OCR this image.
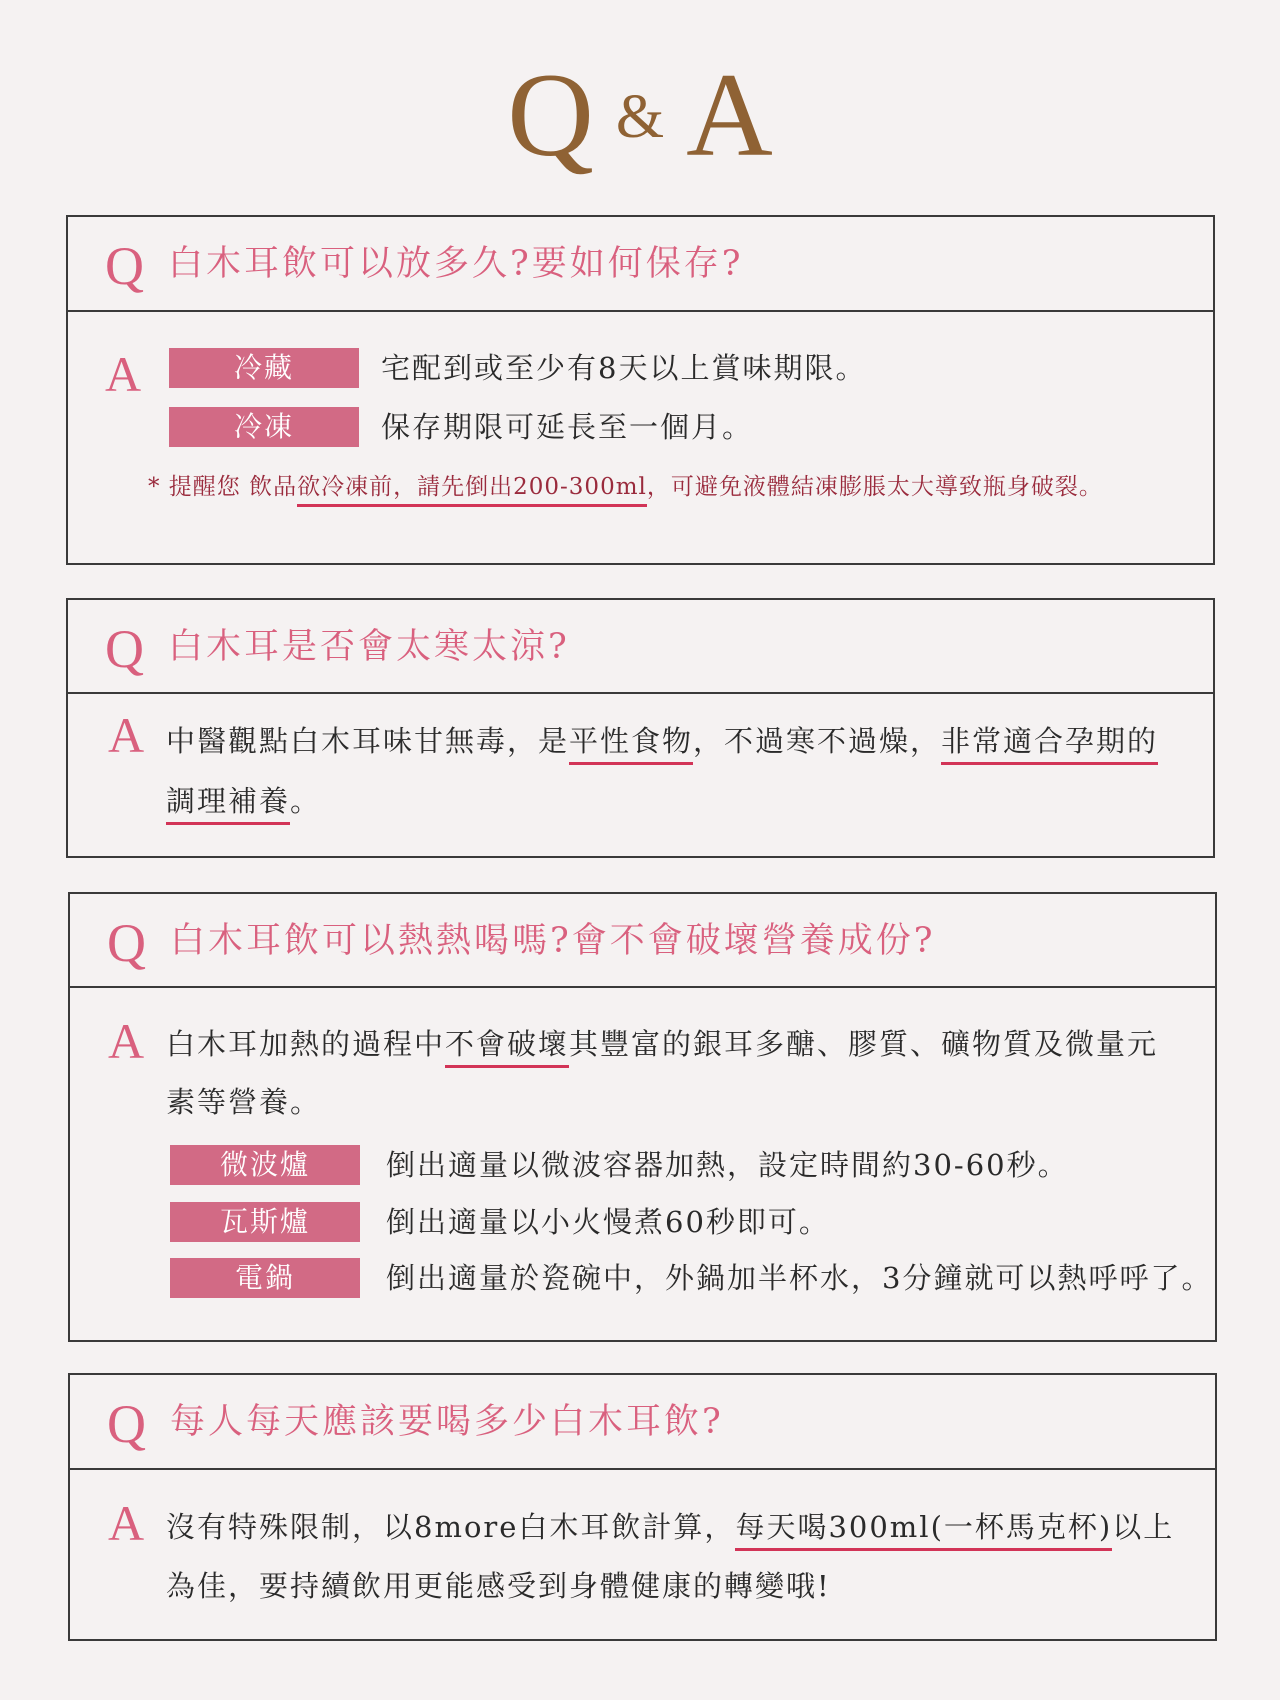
Q & A
Q 白木耳飲可以放多久?要如何保存?
A	冷藏	宅配到或至少有8天以上賞味期限。
冷凍	保存期限可延長至一個月。
* 提醒您 飲品欲冷凍前，請先倒出200-300ml，可避免液體結凍膨脹太大導致瓶身破裂。
Q 白木耳是否會太寒太涼?
A 中醫觀點白木耳味甘無毒，是平性食物，不過寒不過燥，非常適合孕期的
調理補養。
Q 白木耳飲可以熱熱喝嗎?會不會破壞營養成份?
A 白木耳加熱的過程中不會破壞其豐富的銀耳多醣、膠質、礦物質及微量元
素等營養。
微波爐	倒出適量以微波容器加熱，設定時間約30-60秒。
瓦斯爐	倒出適量以小火慢煮60秒即可。
電鍋	倒出適量於瓷碗中，外鍋加半杯水，3分鐘就可以熱呼呼了。
Q 每人每天應該要喝多少白木耳飲?
A 沒有特殊限制，以8more白木耳飲計算，每天喝300ml(一杯馬克杯)以上
為佳，要持續飲用更能感受到身體健康的轉變哦!
